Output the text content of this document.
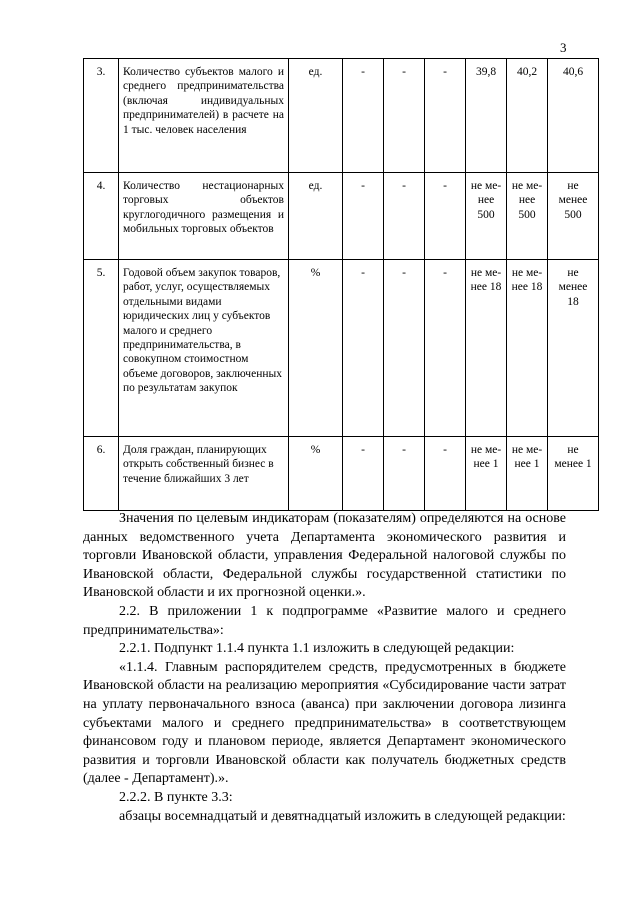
3
3.	Количество субъектов малого и среднего предпринимательства (включая индивидуальных предпринимателей) в расчете на 1 тыс. человек населения	ед.	-	-	-	39,8	40,2	40,6
4.	Количество нестационарных торговых объектов круглогодичного размещения и мобильных торговых объектов	ед.	-	-	-	не ме-нее 500	не ме-нее 500	не менее 500
5.	Годовой объем закупок товаров, работ, услуг, осуществляемых отдельными видами юридических лиц у субъектов малого и среднего предпринимательства, в совокупном стоимостном объеме договоров, заключенных по результатам закупок	%	-	-	-	не ме-нее 18	не ме-нее 18	не менее 18
6.	Доля граждан, планирующих открыть собственный бизнес в течение ближайших 3 лет	%	-	-	-	не ме-нее 1	не ме-нее 1	не менее 1

Значения по целевым индикаторам (показателям) определяются на основе данных ведомственного учета Департамента экономического развития и торговли Ивановской области, управления Федеральной налоговой службы по Ивановской области, Федеральной службы государственной статистики по Ивановской области и их прогнозной оценки.».

2.2. В приложении 1 к подпрограмме «Развитие малого и среднего предпринимательства»:

2.2.1. Подпункт 1.1.4 пункта 1.1 изложить в следующей редакции:

«1.1.4. Главным распорядителем средств, предусмотренных в бюджете Ивановской области на реализацию мероприятия «Субсидирование части затрат на уплату первоначального взноса (аванса) при заключении договора лизинга субъектами малого и среднего предпринимательства» в соответствующем финансовом году и плановом периоде, является Департамент экономического развития и торговли Ивановской области как получатель бюджетных средств (далее - Департамент).».

2.2.2. В пункте 3.3:

абзацы восемнадцатый и девятнадцатый изложить в следующей редакции:
